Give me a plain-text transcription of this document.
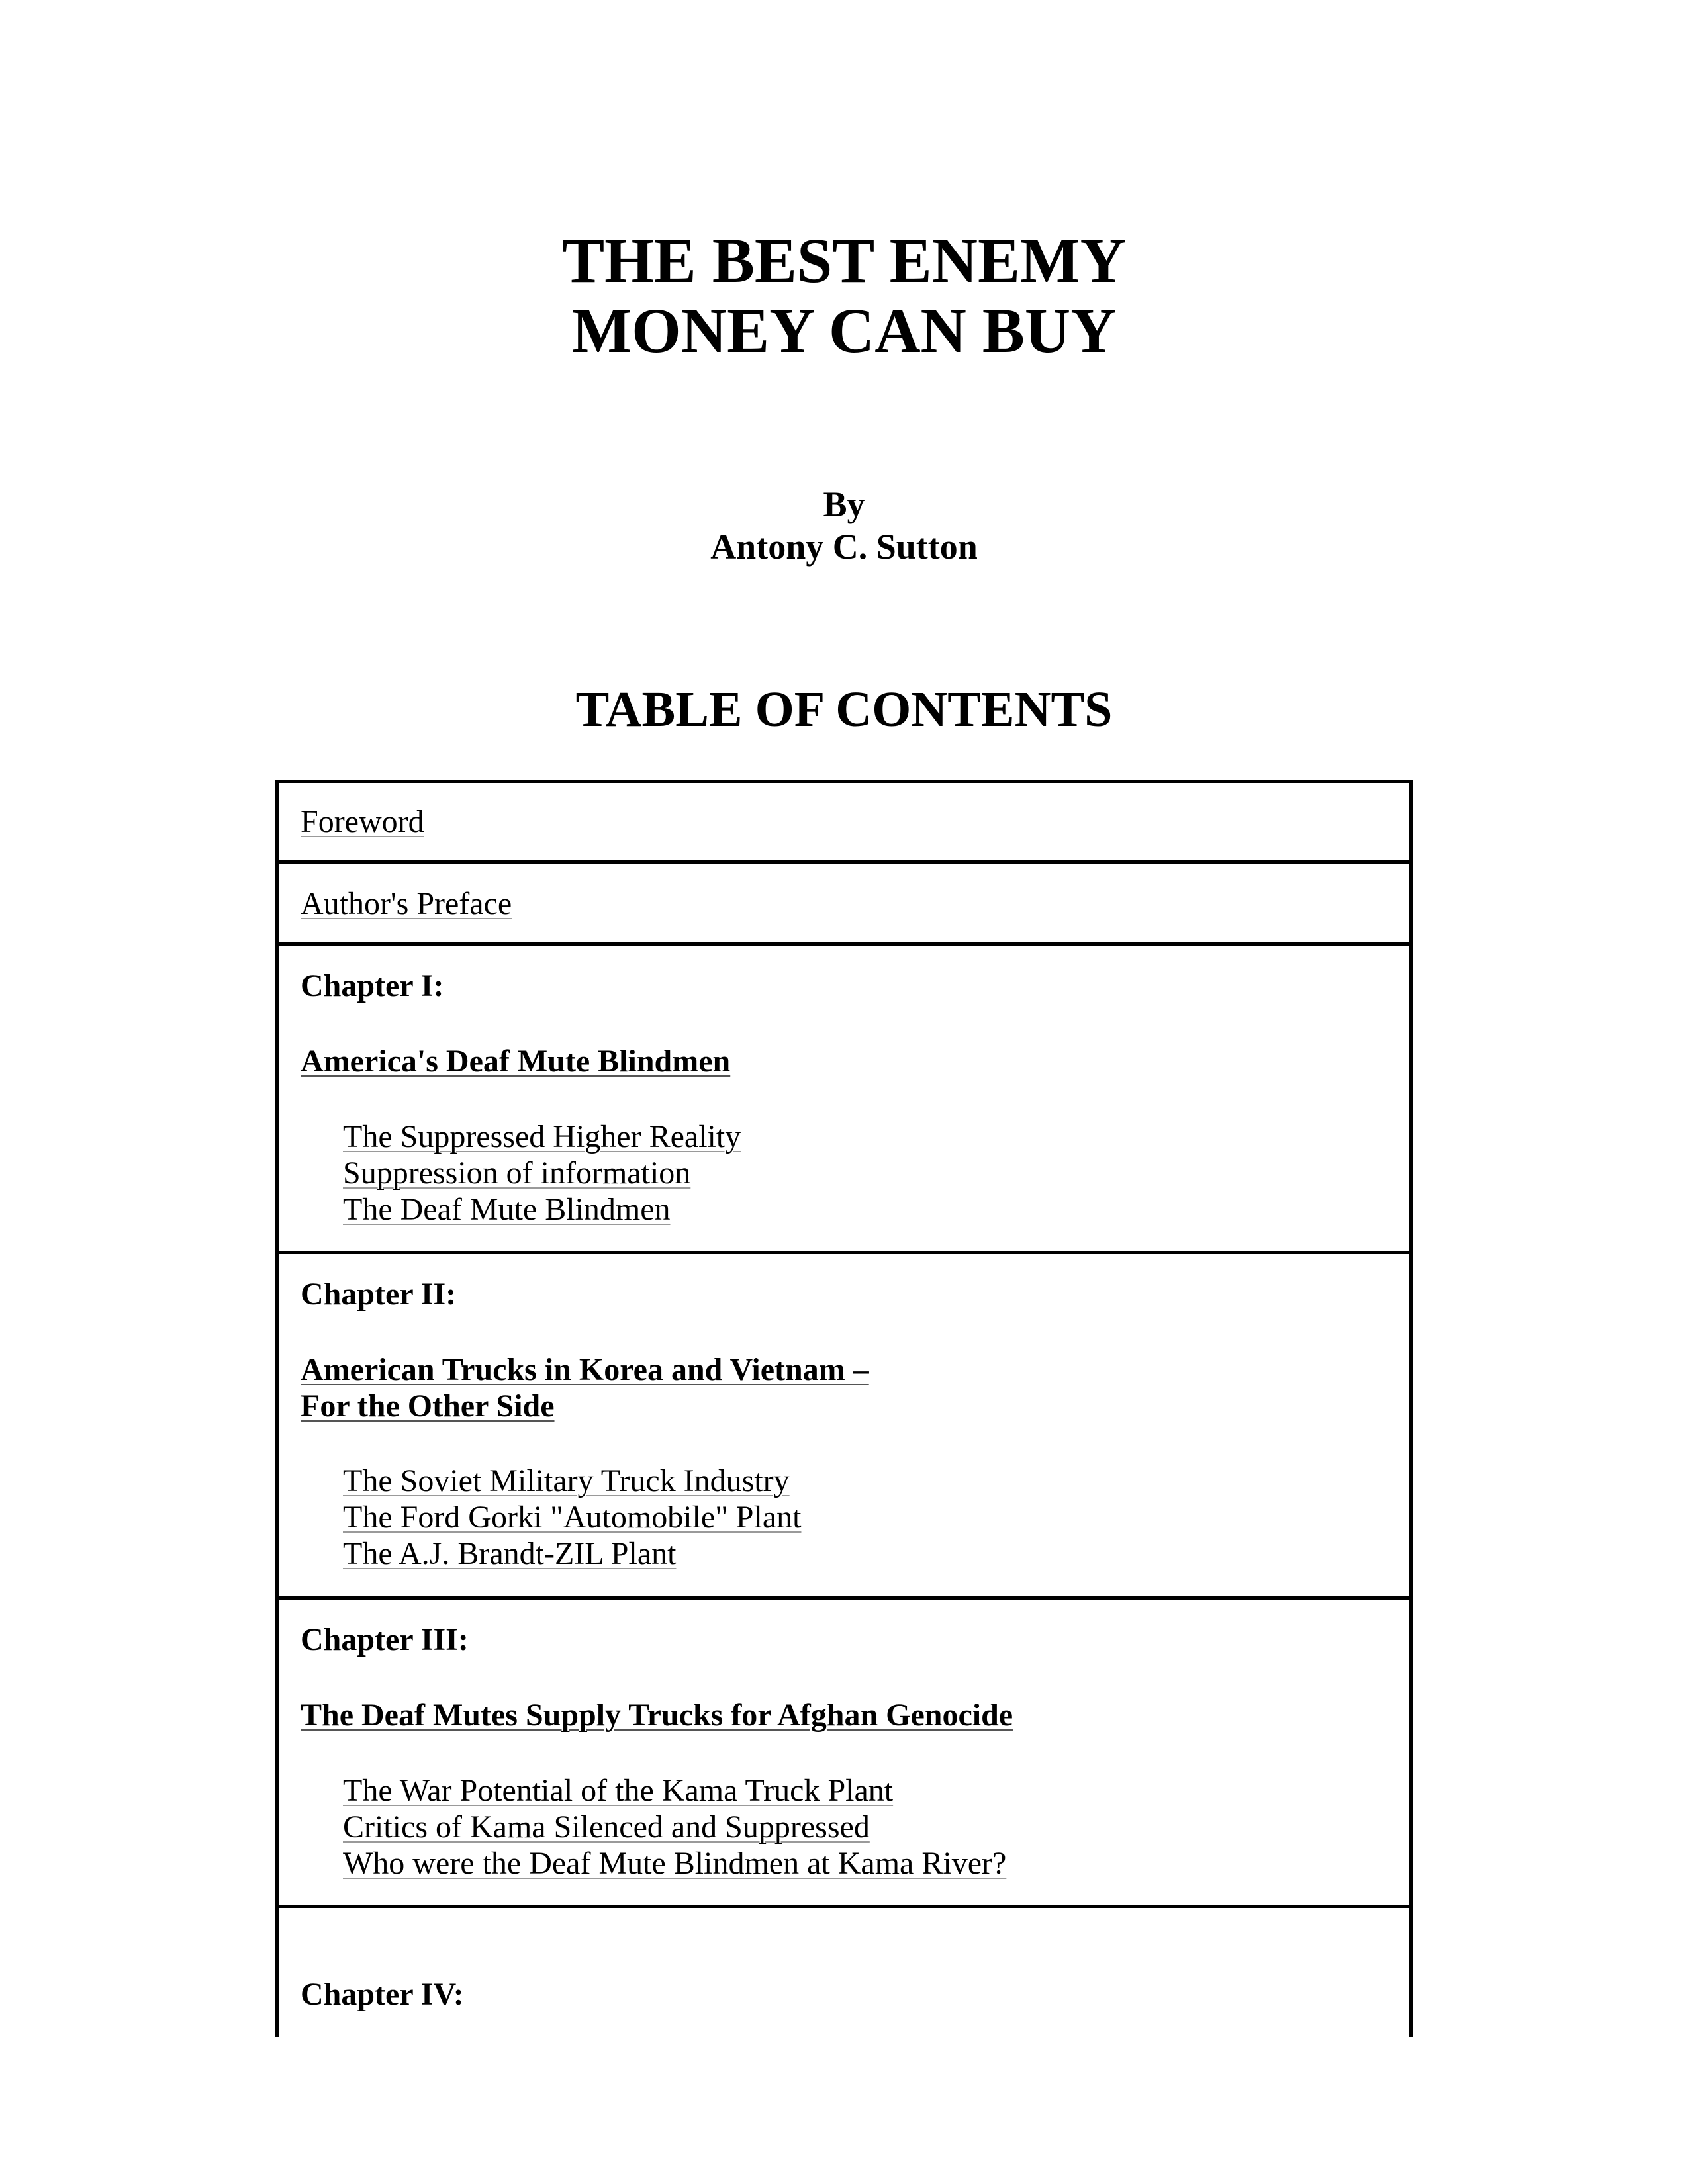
THE BEST ENEMY
MONEY CAN BUY
By
Antony C. Sutton
TABLE OF CONTENTS
Foreword
Author's Preface
Chapter I:
America's Deaf Mute Blindmen
The Suppressed Higher Reality
Suppression of information
The Deaf Mute Blindmen
Chapter II:
American Trucks in Korea and Vietnam –
For the Other Side
The Soviet Military Truck Industry
The Ford Gorki "Automobile" Plant
The A.J. Brandt-ZIL Plant
Chapter III:
The Deaf Mutes Supply Trucks for Afghan Genocide
The War Potential of the Kama Truck Plant
Critics of Kama Silenced and Suppressed
Who were the Deaf Mute Blindmen at Kama River?
Chapter IV:
